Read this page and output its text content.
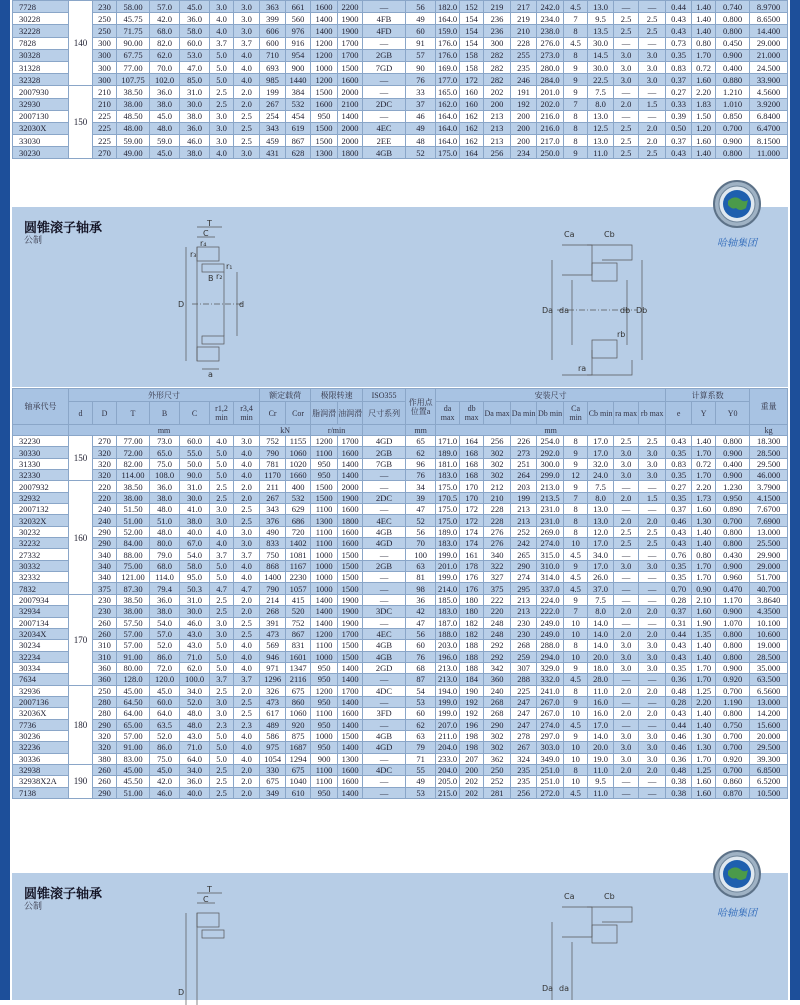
7728	140	230	58.00	57.0	45.0	3.0	3.0	363	661	1600	2200	—	56	182.0	152	219	217	242.0	4.5	13.0	—	—	0.44	1.40	0.740	8.9700
30228		250	45.75	42.0	36.0	4.0	3.0	399	560	1400	1900	4FB	49	164.0	154	236	219	234.0	7	9.5	2.5	2.5	0.43	1.40	0.800	8.6500
32228		250	71.75	68.0	58.0	4.0	3.0	606	976	1400	1900	4FD	60	159.0	154	236	210	238.0	8	13.5	2.5	2.5	0.43	1.40	0.800	14.400
7828		300	90.00	82.0	60.0	3.7	3.7	600	916	1200	1700	—	91	176.0	154	300	228	276.0	4.5	30.0	—	—	0.73	0.80	0.450	29.000
30328		300	67.75	62.0	53.0	5.0	4.0	710	954	1200	1700	2GB	57	176.0	158	282	255	273.0	8	14.5	3.0	3.0	0.35	1.70	0.900	21.000
31328		300	77.00	70.0	47.0	5.0	4.0	693	900	1000	1500	7GD	90	169.0	158	282	235	280.0	9	30.0	3.0	3.0	0.83	0.72	0.400	24.500
32328		300	107.75	102.0	85.0	5.0	4.0	985	1440	1200	1600	—	76	177.0	172	282	246	284.0	9	22.5	3.0	3.0	0.37	1.60	0.880	33.900
2007930	150	210	38.50	36.0	31.0	2.5	2.0	199	384	1500	2000	—	33	165.0	160	202	191	201.0	9	7.5	—	—	0.27	2.20	1.210	4.5600
32930		210	38.00	38.0	30.0	2.5	2.0	267	532	1600	2100	2DC	37	162.0	160	200	192	202.0	7	8.0	2.0	1.5	0.33	1.83	1.010	3.9200
2007130		225	48.50	45.0	38.0	3.0	2.5	254	454	950	1400	—	46	164.0	162	213	200	216.0	8	13.0	—	—	0.39	1.50	0.850	6.8400
32030X		225	48.00	48.0	36.0	3.0	2.5	343	619	1500	2000	4EC	49	164.0	162	213	200	216.0	8	12.5	2.5	2.0	0.50	1.20	0.700	6.4700
33030		225	59.00	59.0	46.0	3.0	2.5	459	867	1500	2000	2EE	48	164.0	162	213	200	217.0	8	13.0	2.5	2.0	0.37	1.60	0.900	8.1500
30230		270	49.00	45.0	38.0	4.0	3.0	431	628	1300	1800	4GB	52	175.0	164	256	234	250.0	9	11.0	2.5	2.5	0.43	1.40	0.800	11.000
圆锥滚子轴承
公制	哈轴集团
T
C
B
D	d
a
r₃
r₄
r₁
r₂
Ca	Cb
Da da	db Db
rb
ra
轴承代号	外形尺寸							额定载荷		极限转速		ISO355	作用点位置a	安装尺寸									计算系数			重量
	d	D	T	B	C	r1,2 min	r3,4 min	Cr	Cor	脂润滑	油润滑	尺寸系列		da max	db max	Da max	Da min	Db min	Ca min	Cb min	ra max	rb max	e	Y	Y0	
	mm							kN		r/min			mm	mm												kg
32230	150	270	77.00	73.0	60.0	4.0	3.0	752	1155	1200	1700	4GD	65	171.0	164	256	226	254.0	8	17.0	2.5	2.5	0.43	1.40	0.800	18.300
30330		320	72.00	65.0	55.0	5.0	4.0	790	1060	1100	1600	2GB	62	189.0	168	302	273	292.0	9	17.0	3.0	3.0	0.35	1.70	0.900	28.500
31330		320	82.00	75.0	50.0	5.0	4.0	781	1020	950	1400	7GB	96	181.0	168	302	251	300.0	9	32.0	3.0	3.0	0.83	0.72	0.400	29.500
32330		320	114.00	108.0	90.0	5.0	4.0	1170	1660	950	1400	—	76	183.0	168	302	264	299.0	12	24.0	3.0	3.0	0.35	1.70	0.900	46.000
2007932	160	220	38.50	36.0	31.0	2.5	2.0	211	400	1500	2000	—	34	175.0	170	212	203	213.0	9	7.5	—	—	0.27	2.20	1.230	3.7900
32932		220	38.00	38.0	30.0	2.5	2.0	267	532	1500	1900	2DC	39	170.5	170	210	199	213.5	7	8.0	2.0	1.5	0.35	1.73	0.950	4.1500
2007132		240	51.50	48.0	41.0	3.0	2.5	343	629	1100	1600	—	47	175.0	172	228	213	231.0	8	13.0	—	—	0.37	1.60	0.890	7.6700
32032X		240	51.00	51.0	38.0	3.0	2.5	376	686	1300	1800	4EC	52	175.0	172	228	213	231.0	8	13.0	2.0	2.0	0.46	1.30	0.700	7.6900
30232		290	52.00	48.0	40.0	4.0	3.0	490	720	1100	1600	4GB	56	189.0	174	276	252	269.0	8	12.0	2.5	2.5	0.43	1.40	0.800	13.000
32232		290	84.00	80.0	67.0	4.0	3.0	833	1402	1100	1600	4GD	70	183.0	174	276	242	274.0	10	17.0	2.5	2.5	0.43	1.40	0.800	25.500
27332		340	88.00	79.0	54.0	3.7	3.7	750	1081	1000	1500	—	100	199.0	161	340	265	315.0	4.5	34.0	—	—	0.76	0.80	0.430	29.900
30332		340	75.00	68.0	58.0	5.0	4.0	868	1167	1000	1500	2GB	63	201.0	178	322	290	310.0	9	17.0	3.0	3.0	0.35	1.70	0.900	29.000
32332		340	121.00	114.0	95.0	5.0	4.0	1400	2230	1000	1500	—	81	199.0	176	327	274	314.0	4.5	26.0	—	—	0.35	1.70	0.960	51.700
7832		375	87.30	79.4	50.3	4.7	4.7	790	1057	1000	1500	—	98	214.0	176	375	295	337.0	4.5	37.0	—	—	0.70	0.90	0.470	40.700
2007934	170	230	38.50	36.0	31.0	2.5	2.0	214	415	1400	1900	—	36	185.0	180	222	213	224.0	9	7.5	—	—	0.28	2.10	1.170	3.8640
32934		230	38.00	38.0	30.0	2.5	2.0	268	520	1400	1900	3DC	42	183.0	180	220	213	222.0	7	8.0	2.0	2.0	0.37	1.60	0.900	4.3500
2007134		260	57.50	54.0	46.0	3.0	2.5	391	752	1400	1900	—	47	187.0	182	248	230	249.0	10	14.0	—	—	0.31	1.90	1.070	10.100
32034X		260	57.00	57.0	43.0	3.0	2.5	473	867	1200	1700	4EC	56	188.0	182	248	230	249.0	10	14.0	2.0	2.0	0.44	1.35	0.800	10.600
30234		310	57.00	52.0	43.0	5.0	4.0	569	831	1100	1500	4GB	60	203.0	188	292	268	288.0	8	14.0	3.0	3.0	0.43	1.40	0.800	19.000
32234		310	91.00	86.0	71.0	5.0	4.0	946	1601	1000	1500	4GB	76	196.0	188	292	259	294.0	10	20.0	3.0	3.0	0.43	1.40	0.800	28.500
30334		360	80.00	72.0	62.0	5.0	4.0	971	1347	950	1400	2GD	68	213.0	188	342	307	329.0	9	18.0	3.0	3.0	0.35	1.70	0.900	35.000
7634		360	128.0	120.0	100.0	3.7	3.7	1296	2116	950	1400	—	87	213.0	184	360	288	332.0	4.5	28.0	—	—	0.36	1.70	0.920	63.500
32936	180	250	45.00	45.0	34.0	2.5	2.0	326	675	1200	1700	4DC	54	194.0	190	240	225	241.0	8	11.0	2.0	2.0	0.48	1.25	0.700	6.5600
2007136		280	64.50	60.0	52.0	3.0	2.5	473	860	950	1400	—	53	199.0	192	268	247	267.0	9	16.0	—	—	0.28	2.20	1.190	13.000
32036X		280	64.00	64.0	48.0	3.0	2.5	617	1060	1100	1600	3FD	60	199.0	192	268	247	267.0	10	16.0	2.0	2.0	0.43	1.40	0.800	14.200
7736		290	65.00	63.5	48.0	2.3	2.3	489	920	950	1400	—	62	207.0	196	290	247	274.0	4.5	17.0	—	—	0.44	1.40	0.750	15.600
30236		320	57.00	52.0	43.0	5.0	4.0	586	875	1000	1500	4GB	63	211.0	198	302	278	297.0	9	14.0	3.0	3.0	0.46	1.30	0.700	20.000
32236		320	91.00	86.0	71.0	5.0	4.0	975	1687	950	1400	4GD	79	204.0	198	302	267	303.0	10	20.0	3.0	3.0	0.46	1.30	0.700	29.500
30336		380	83.00	75.0	64.0	5.0	4.0	1054	1294	900	1300	—	71	233.0	207	362	324	349.0	10	19.0	3.0	3.0	0.36	1.70	0.920	39.300
32938	190	260	45.00	45.0	34.0	2.5	2.0	330	675	1100	1600	4DC	55	204.0	200	250	235	251.0	8	11.0	2.0	2.0	0.48	1.25	0.700	6.8500
32938X2A		260	45.50	42.0	36.0	2.5	2.0	675	1040	1100	1600	—	49	205.0	202	252	235	251.0	10	9.5	—	—	0.38	1.60	0.860	6.5200
7138		290	51.00	46.0	40.0	2.5	2.0	349	610	950	1400	—	53	215.0	202	281	256	272.0	4.5	11.0	—	—	0.38	1.60	0.870	10.500
圆锥滚子轴承
公制
哈轴集团
T
C
D
Ca	Cb
Da da
